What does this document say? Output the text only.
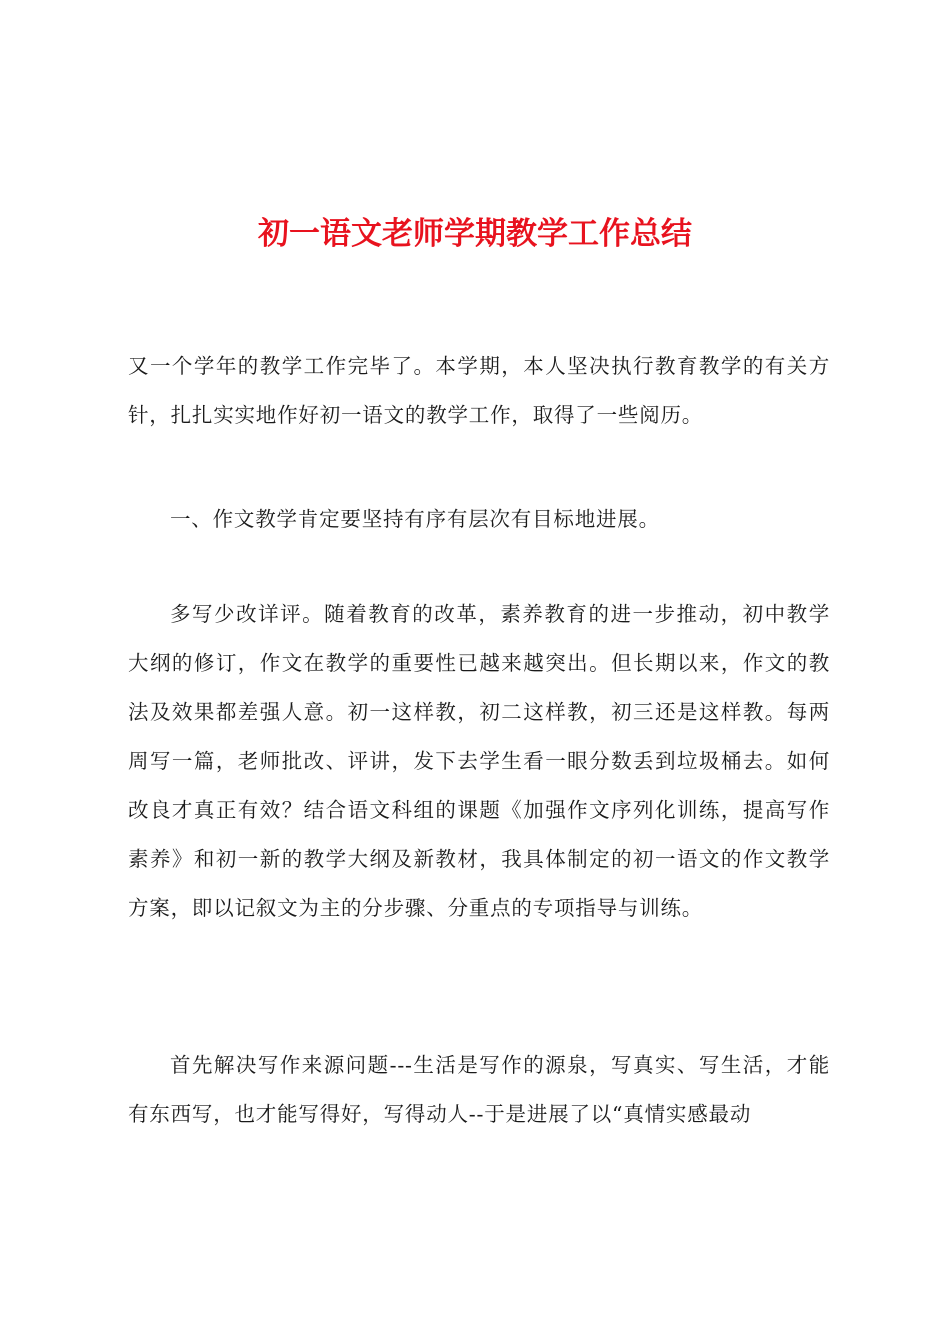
初一语文老师学期教学工作总结

又一个学年的教学工作完毕了。本学期，本人坚决执行教育教学的有关方针，扎扎实实地作好初一语文的教学工作，取得了一些阅历。

一、作文教学肯定要坚持有序有层次有目标地进展。

多写少改详评。随着教育的改革，素养教育的进一步推动，初中教学大纲的修订，作文在教学的重要性已越来越突出。但长期以来，作文的教法及效果都差强人意。初一这样教，初二这样教，初三还是这样教。每两周写一篇，老师批改、评讲，发下去学生看一眼分数丢到垃圾桶去。如何改良才真正有效？结合语文科组的课题《加强作文序列化训练，提高写作素养》和初一新的教学大纲及新教材，我具体制定的初一语文的作文教学方案，即以记叙文为主的分步骤、分重点的专项指导与训练。

首先解决写作来源问题---生活是写作的源泉，写真实、写生活，才能有东西写，也才能写得好，写得动人--于是进展了以“真情实感最动
